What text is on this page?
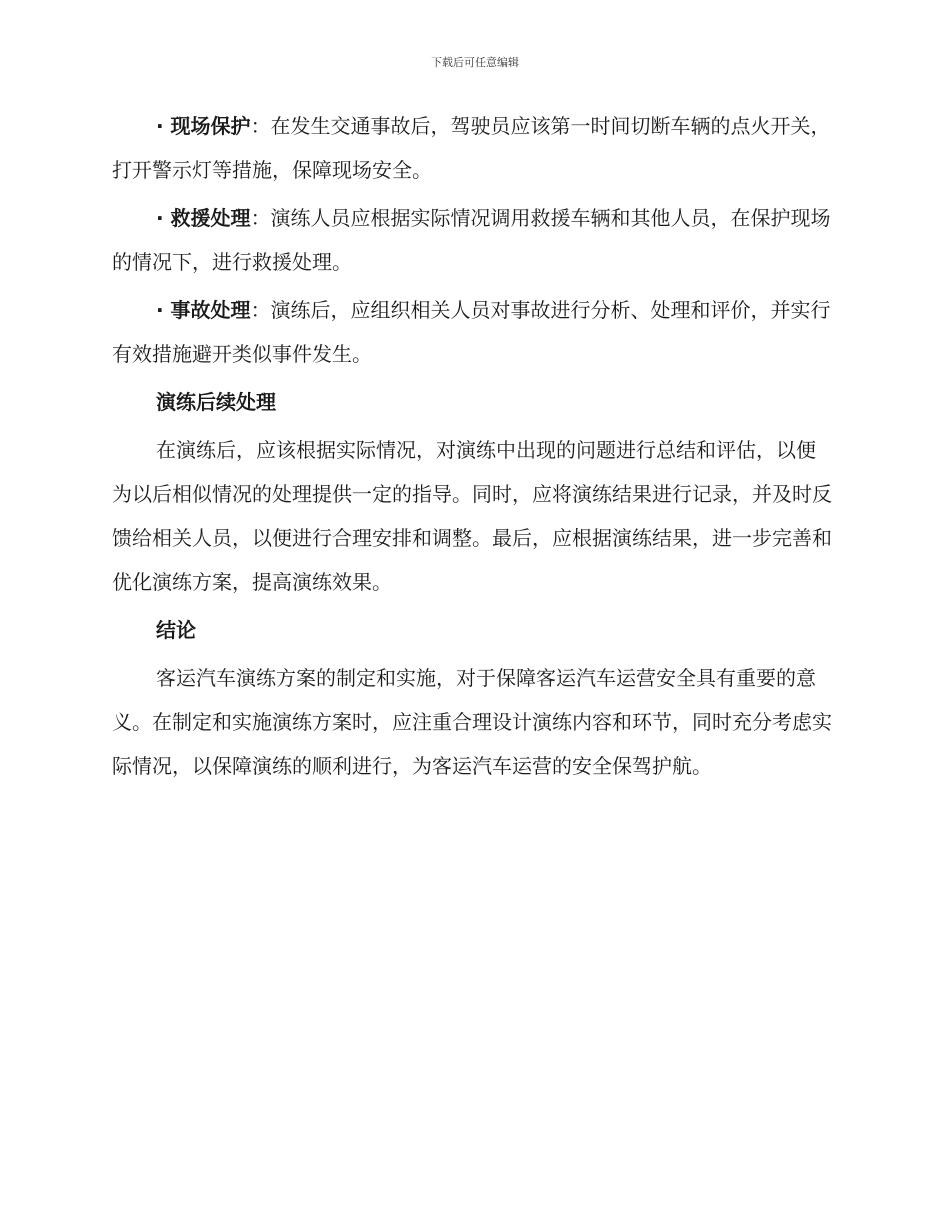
下载后可任意编辑

· 现场保护：在发生交通事故后，驾驶员应该第一时间切断车辆的点火开关，打开警示灯等措施，保障现场安全。

· 救援处理：演练人员应根据实际情况调用救援车辆和其他人员，在保护现场的情况下，进行救援处理。

· 事故处理：演练后，应组织相关人员对事故进行分析、处理和评价，并实行有效措施避开类似事件发生。

演练后续处理

在演练后，应该根据实际情况，对演练中出现的问题进行总结和评估，以便为以后相似情况的处理提供一定的指导。同时，应将演练结果进行记录，并及时反馈给相关人员，以便进行合理安排和调整。最后，应根据演练结果，进一步完善和优化演练方案，提高演练效果。

结论

客运汽车演练方案的制定和实施，对于保障客运汽车运营安全具有重要的意义。在制定和实施演练方案时，应注重合理设计演练内容和环节，同时充分考虑实际情况，以保障演练的顺利进行，为客运汽车运营的安全保驾护航。
